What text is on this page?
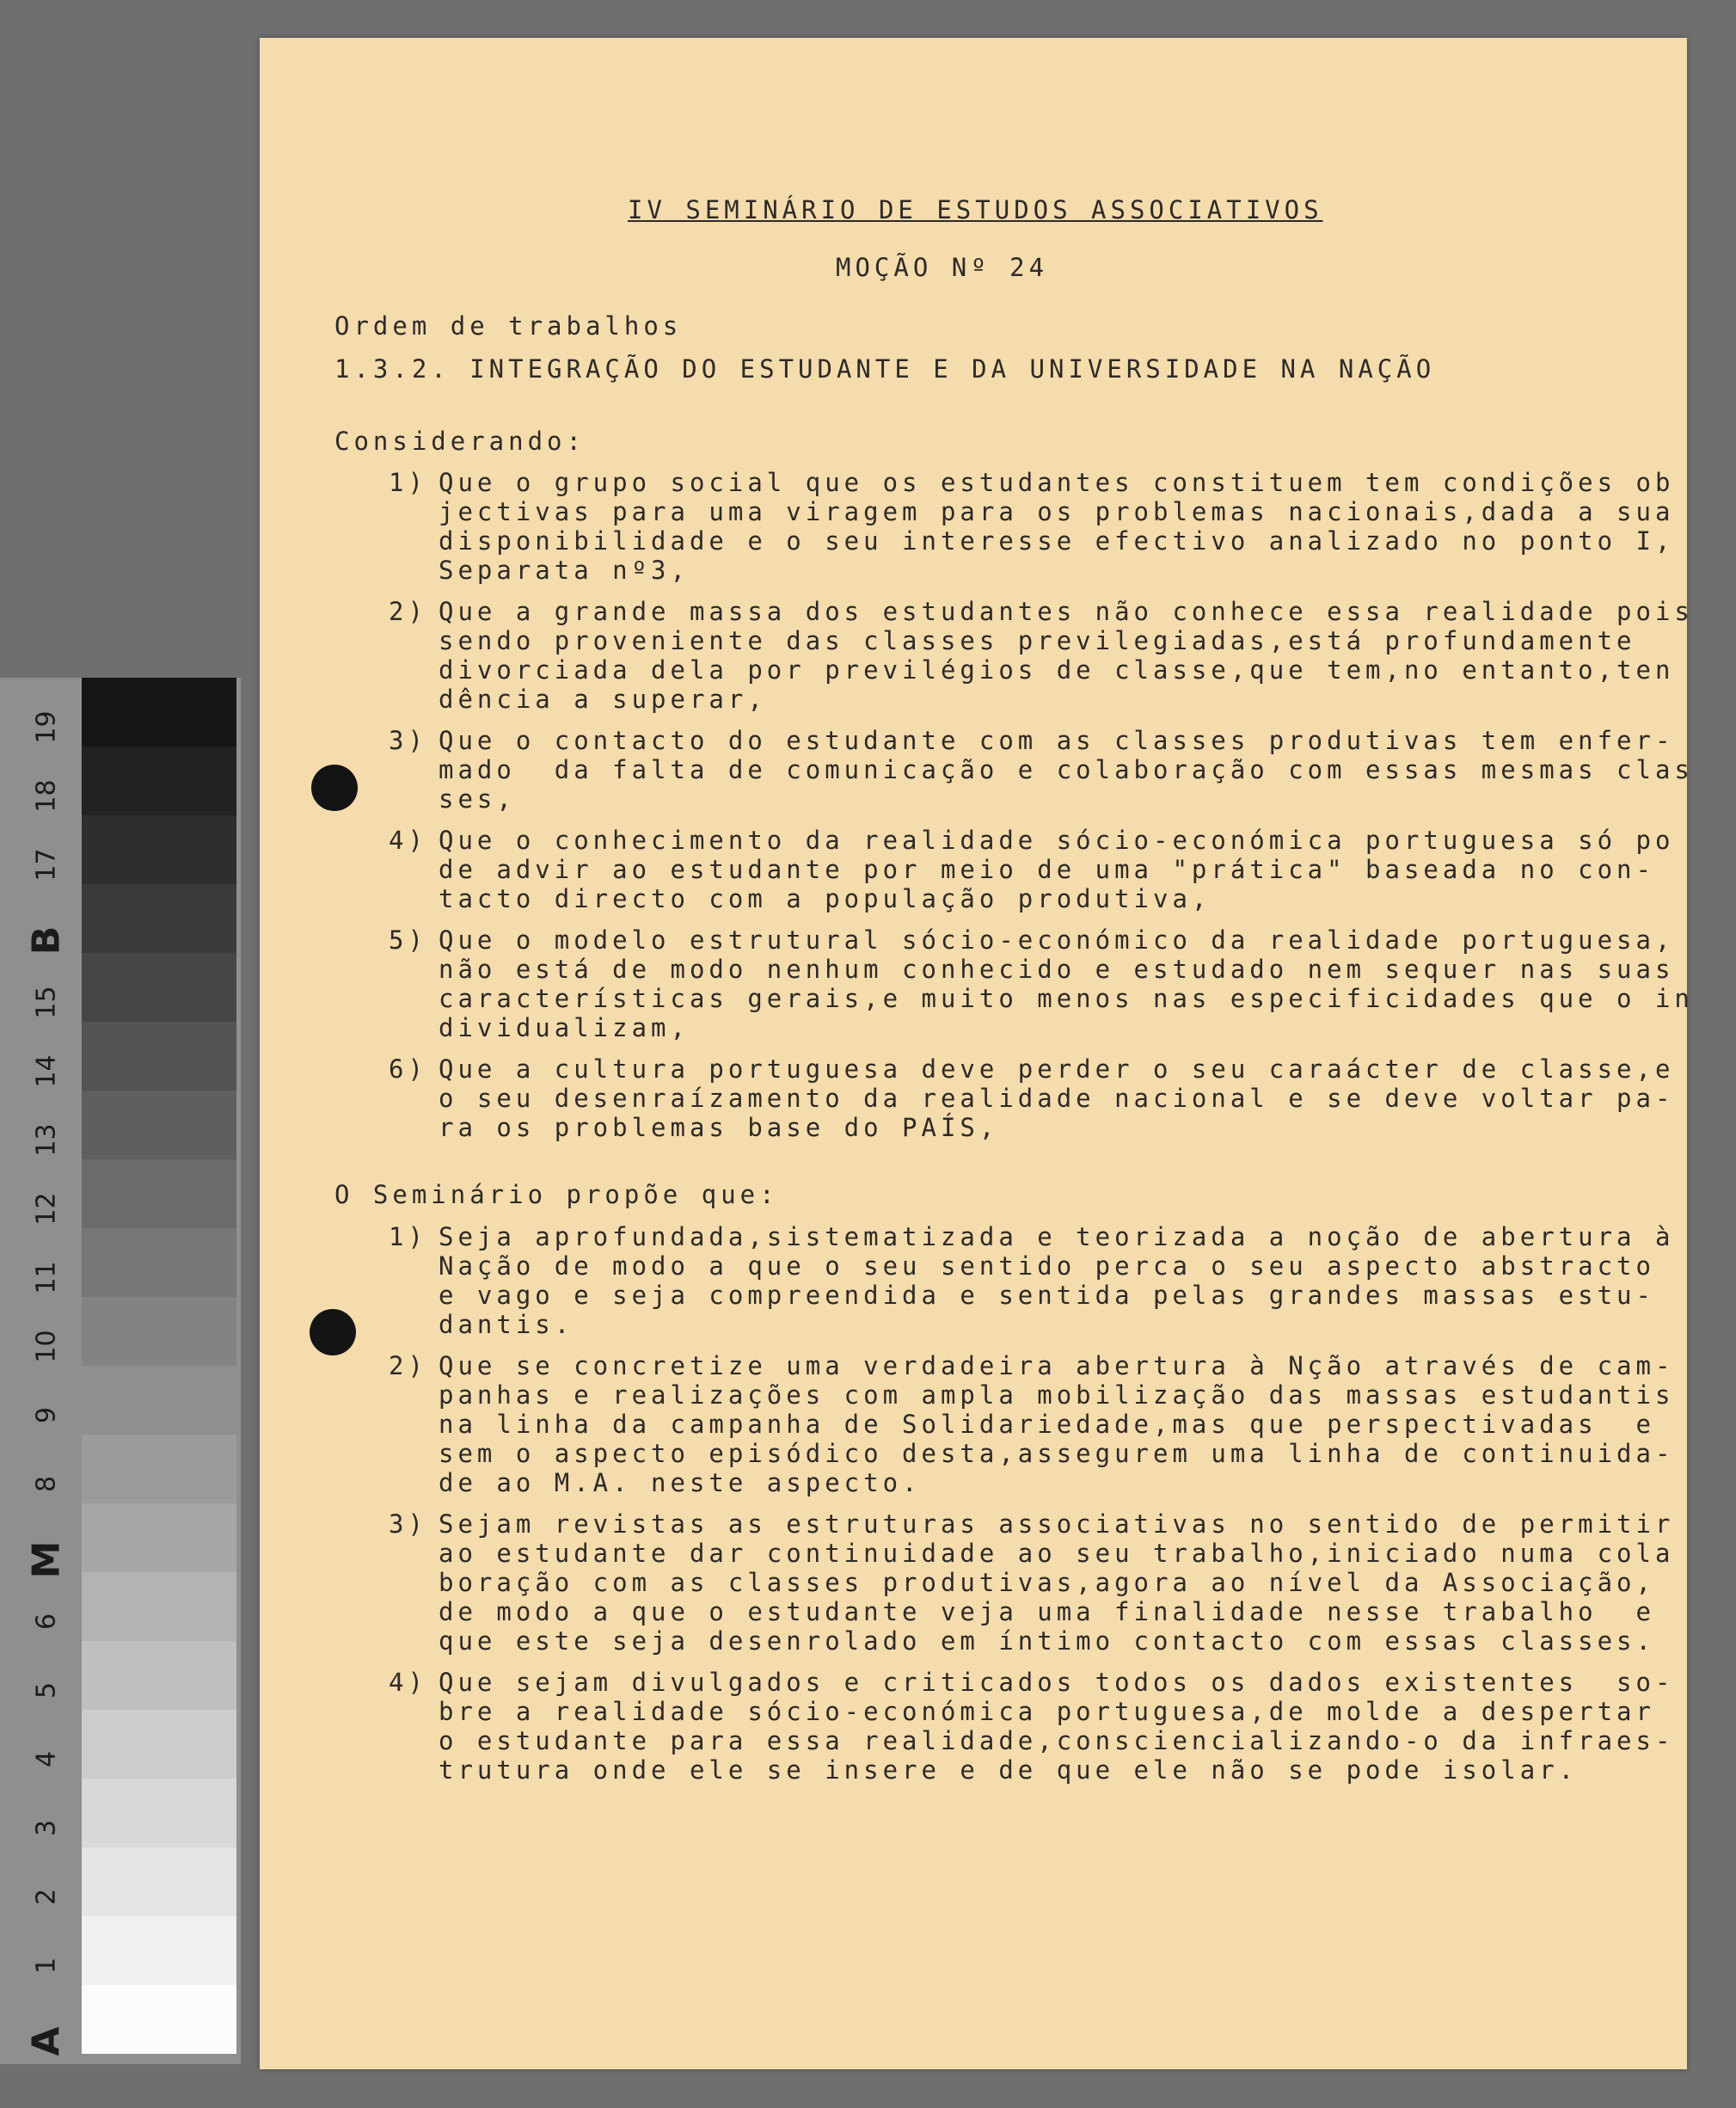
19
18
17
B
15
14
13
12
11
10
9
8
M
6
5
4
3
2
1
A
IV SEMINÁRIO DE ESTUDOS ASSOCIATIVOS
MOÇÃO Nº 24
Ordem de trabalhos
1.3.2. INTEGRAÇÃO DO ESTUDANTE E DA UNIVERSIDADE NA NAÇÃO
Considerando:
1) Que o grupo social que os estudantes constituem tem condições ob
jectivas para uma viragem para os problemas nacionais,dada a sua
disponibilidade e o seu interesse efectivo analizado no ponto I,
Separata nº3,
2) Que a grande massa dos estudantes não conhece essa realidade pois
sendo proveniente das classes previlegiadas,está profundamente
divorciada dela por previlégios de classe,que tem,no entanto,ten
dência a superar,
3) Que o contacto do estudante com as classes produtivas tem enfer-
mado  da falta de comunicação e colaboração com essas mesmas clas
ses,
4) Que o conhecimento da realidade sócio-económica portuguesa só po
de advir ao estudante por meio de uma "prática" baseada no con-
tacto directo com a população produtiva,
5) Que o modelo estrutural sócio-económico da realidade portuguesa,
não está de modo nenhum conhecido e estudado nem sequer nas suas
características gerais,e muito menos nas especificidades que o in
dividualizam,
6) Que a cultura portuguesa deve perder o seu caraácter de classe,e
o seu desenraízamento da realidade nacional e se deve voltar pa-
ra os problemas base do PAÍS,
O Seminário propõe que:
1) Seja aprofundada,sistematizada e teorizada a noção de abertura à
Nação de modo a que o seu sentido perca o seu aspecto abstracto
e vago e seja compreendida e sentida pelas grandes massas estu-
dantis.
2) Que se concretize uma verdadeira abertura à Nção através de cam-
panhas e realizações com ampla mobilização das massas estudantis
na linha da campanha de Solidariedade,mas que perspectivadas  e
sem o aspecto episódico desta,assegurem uma linha de continuida-
de ao M.A. neste aspecto.
3) Sejam revistas as estruturas associativas no sentido de permitir
ao estudante dar continuidade ao seu trabalho,iniciado numa cola
boração com as classes produtivas,agora ao nível da Associação,
de modo a que o estudante veja uma finalidade nesse trabalho  e
que este seja desenrolado em íntimo contacto com essas classes.
4) Que sejam divulgados e criticados todos os dados existentes  so-
bre a realidade sócio-económica portuguesa,de molde a despertar
o estudante para essa realidade,consciencializando-o da infraes-
trutura onde ele se insere e de que ele não se pode isolar.
